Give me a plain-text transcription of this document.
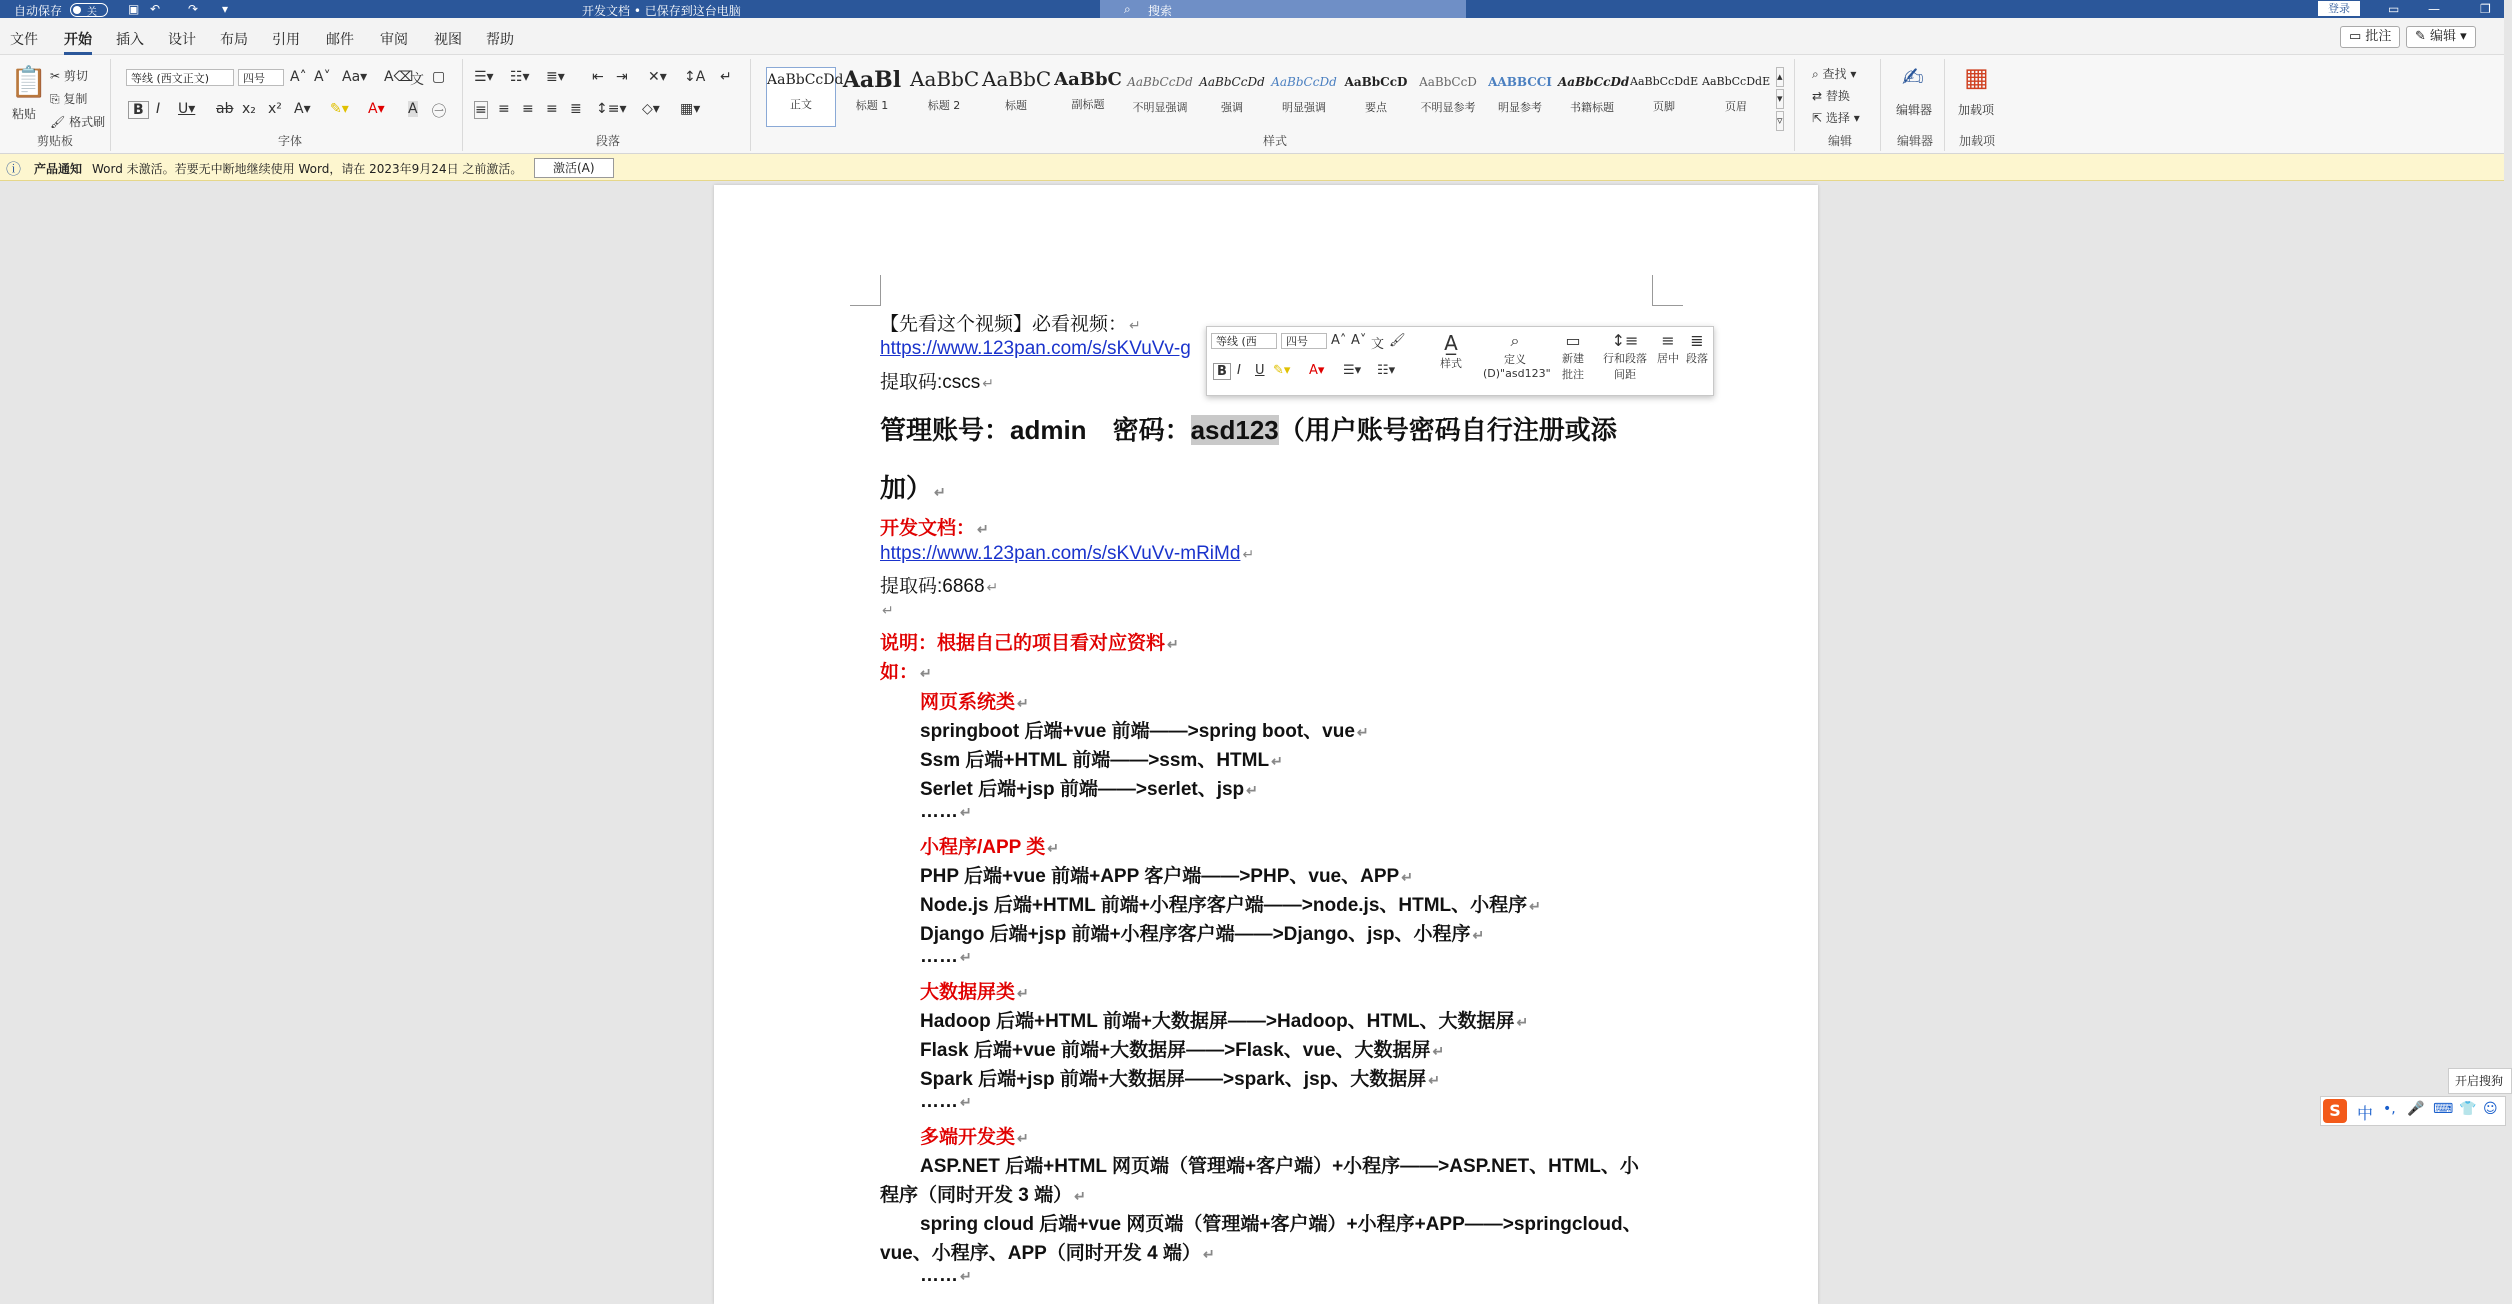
自动保存 关	▣ ↶ ↷ ▾	开发文档 • 已保存到这台电脑	⌕ 搜索	登录	▭ —	❐
文件 开始 插入 设计 布局 引用 邮件 审阅 视图 帮助	▭ 批注	✎ 编辑 ▾
📋
粘贴
✂ 剪切
⎘ 复制
🖌 格式刷
剪贴板
等线 (西文正文)	四号	A˄ A˅ Aa▾ A⌫
文 ▢
B I U▾ ab x₂ x² A▾ ✎▾ A▾ A ㊀
字体
☰▾ ☷▾ ≣▾ ⇤ ⇥ ✕▾ ↕A ↵
≡ ≡ ≡ ≡ ≣ ↕≡▾ ◇▾ ▦▾
段落
AaBbCcDd
正文
AaBl
标题 1
AaBbC
标题 2
AaBbC
标题
AaBbC
副标题
AaBbCcDd
不明显强调
AaBbCcDd
强调
AaBbCcDd
明显强调
AaBbCcD
要点
AaBbCcD
不明显参考
AABBCCI
明显参考
AaBbCcDd
书籍标题
AaBbCcDdE
页脚
AaBbCcDdE
页眉
▴
▾
▿
样式
⌕ 查找 ▾
⇄ 替换
⇱ 选择 ▾
编辑
✍
编辑器
编辑器
▦
加载项
加载项
ⓘ 产品通知 Word 未激活。若要无中断地继续使用 Word，请在 2023年9月24日 之前激活。	激活(A)
【先看这个视频】必看视频： ↵
https://www.123pan.com/s/sKVuVv-g
提取码:cscs ↵
管理账号：admin　密码：asd123（用户账号密码自行注册或添
加） ↵
开发文档： ↵
https://www.123pan.com/s/sKVuVv-mRiMd ↵
提取码:6868 ↵
↵
说明：根据自己的项目看对应资料 ↵
如： ↵
网页系统类 ↵
springboot 后端+vue 前端——>spring boot、vue ↵
Ssm 后端+HTML 前端——>ssm、HTML ↵
Serlet 后端+jsp 前端——>serlet、jsp ↵
…… ↵
小程序/APP 类 ↵
PHP 后端+vue 前端+APP 客户端——>PHP、vue、APP ↵
Node.js 后端+HTML 前端+小程序客户端——>node.js、HTML、小程序 ↵
Django 后端+jsp 前端+小程序客户端——>Django、jsp、小程序 ↵
…… ↵
大数据屏类 ↵
Hadoop 后端+HTML 前端+大数据屏——>Hadoop、HTML、大数据屏 ↵
Flask 后端+vue 前端+大数据屏——>Flask、vue、大数据屏 ↵
Spark 后端+jsp 前端+大数据屏——>spark、jsp、大数据屏 ↵
…… ↵
多端开发类 ↵
ASP.NET 后端+HTML 网页端（管理端+客户端）+小程序——>ASP.NET、HTML、小
程序（同时开发 3 端） ↵
spring cloud 后端+vue 网页端（管理端+客户端）+小程序+APP——>springcloud、
vue、小程序、APP（同时开发 4 端） ↵
…… ↵
等线 (西	四号	A˄ A˅ 文 🖌
B I U ✎▾ A▾ ☰▾ ☷▾
A̲
样式
⌕
定义
(D)"asd123"
▭
新建
批注
↕≡
行和段落
间距
≡
居中
≣
段落
开启搜狗
S	中 •, 🎤 ⌨ 👕 ☺
